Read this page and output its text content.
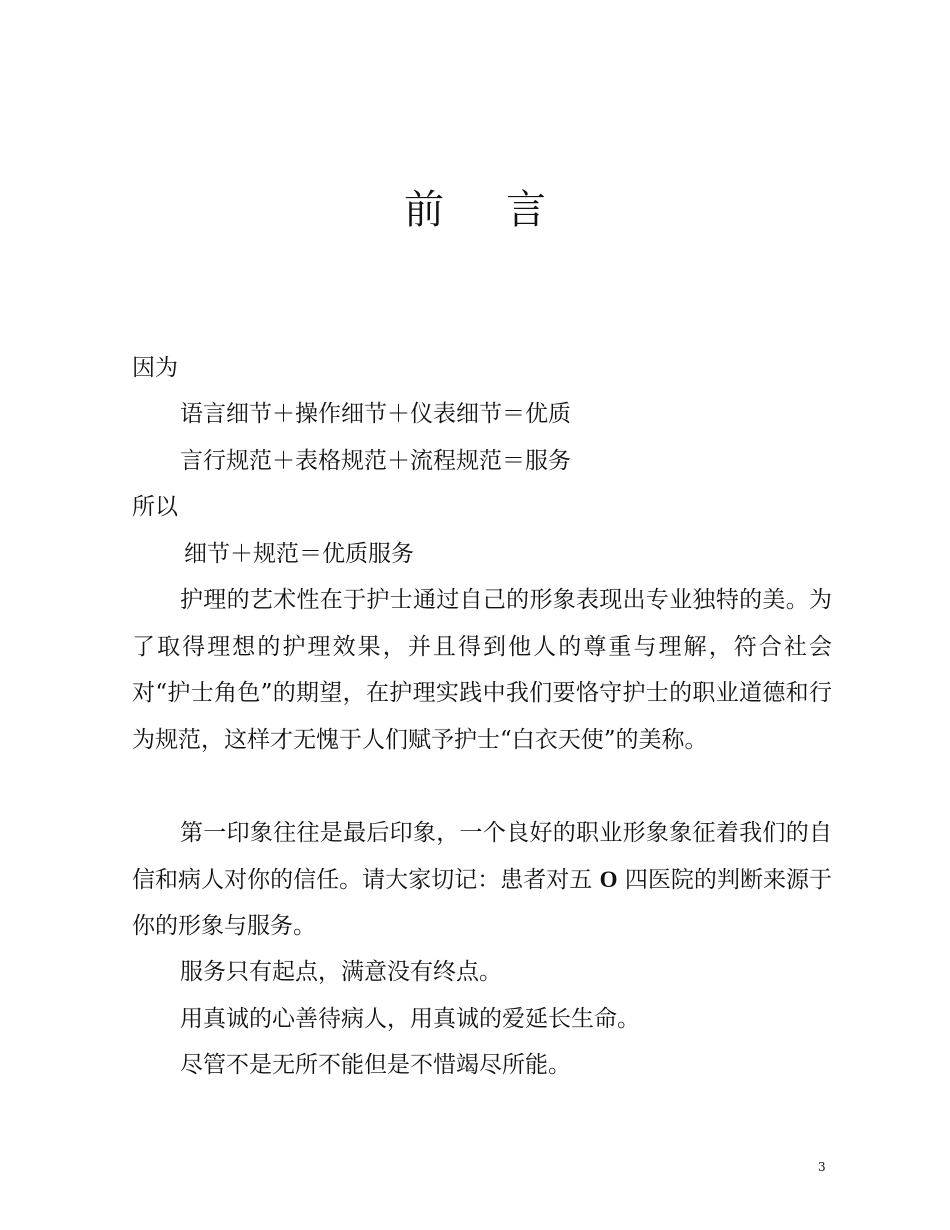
前言
因为
语言细节＋操作细节＋仪表细节＝优质
言行规范＋表格规范＋流程规范＝服务
所以
细节＋规范＝优质服务
护理的艺术性在于护士通过自己的形象表现出专业独特的美。为了取得理想的护理效果，并且得到他人的尊重与理解，符合社会对“护士角色”的期望，在护理实践中我们要恪守护士的职业道德和行为规范，这样才无愧于人们赋予护士“白衣天使”的美称。
第一印象往往是最后印象，一个良好的职业形象象征着我们的自信和病人对你的信任。请大家切记：患者对五 O 四医院的判断来源于你的形象与服务。
服务只有起点，满意没有终点。
用真诚的心善待病人，用真诚的爱延长生命。
尽管不是无所不能但是不惜竭尽所能。
3
